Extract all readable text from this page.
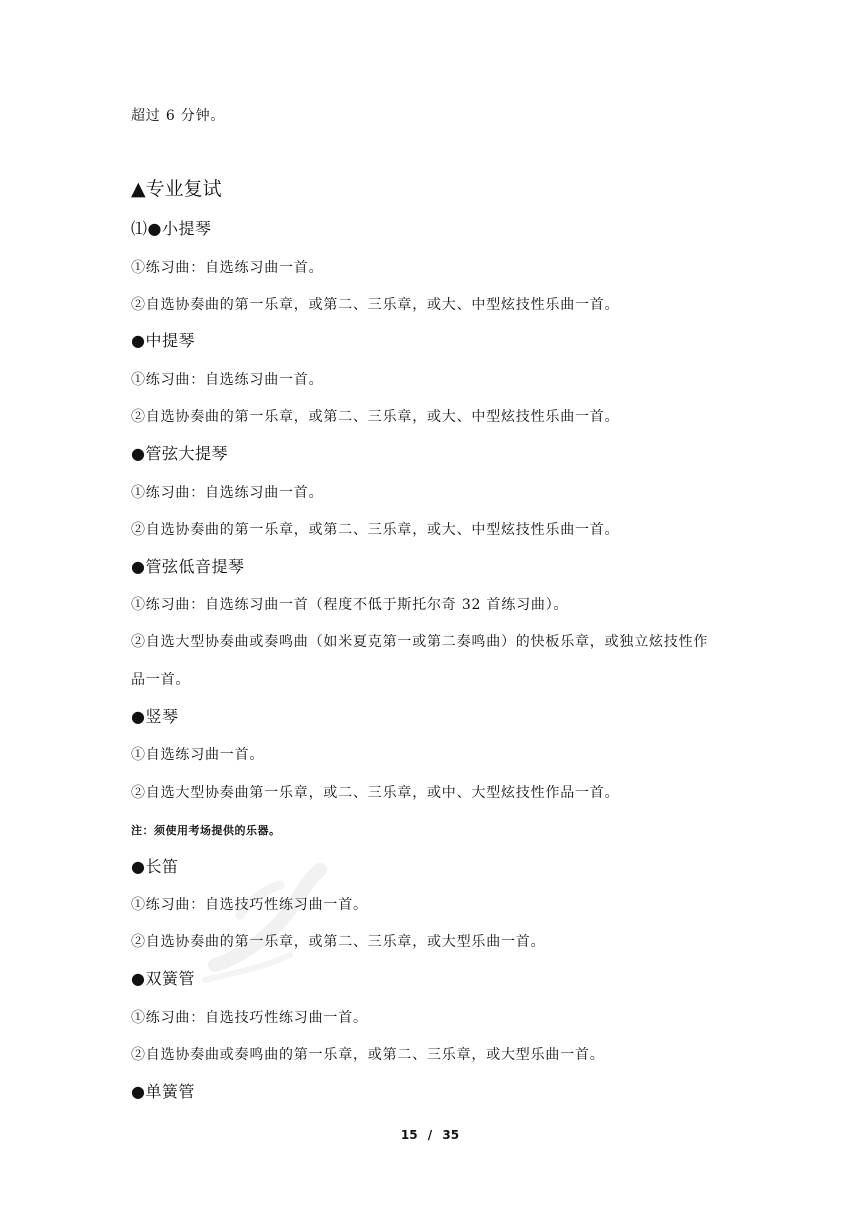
超过 6 分钟。
▲专业复试
⑴●小提琴
①练习曲：自选练习曲一首。
②自选协奏曲的第一乐章，或第二、三乐章，或大、中型炫技性乐曲一首。
●中提琴
①练习曲：自选练习曲一首。
②自选协奏曲的第一乐章，或第二、三乐章，或大、中型炫技性乐曲一首。
●管弦大提琴
①练习曲：自选练习曲一首。
②自选协奏曲的第一乐章，或第二、三乐章，或大、中型炫技性乐曲一首。
●管弦低音提琴
①练习曲：自选练习曲一首（程度不低于斯托尔奇 32 首练习曲）。
②自选大型协奏曲或奏鸣曲（如米夏克第一或第二奏鸣曲）的快板乐章，或独立炫技性作
品一首。
●竖琴
①自选练习曲一首。
②自选大型协奏曲第一乐章，或二、三乐章，或中、大型炫技性作品一首。
注：须使用考场提供的乐器。
●长笛
①练习曲：自选技巧性练习曲一首。
②自选协奏曲的第一乐章，或第二、三乐章，或大型乐曲一首。
●双簧管
①练习曲：自选技巧性练习曲一首。
②自选协奏曲或奏鸣曲的第一乐章，或第二、三乐章，或大型乐曲一首。
●单簧管
15 / 35
